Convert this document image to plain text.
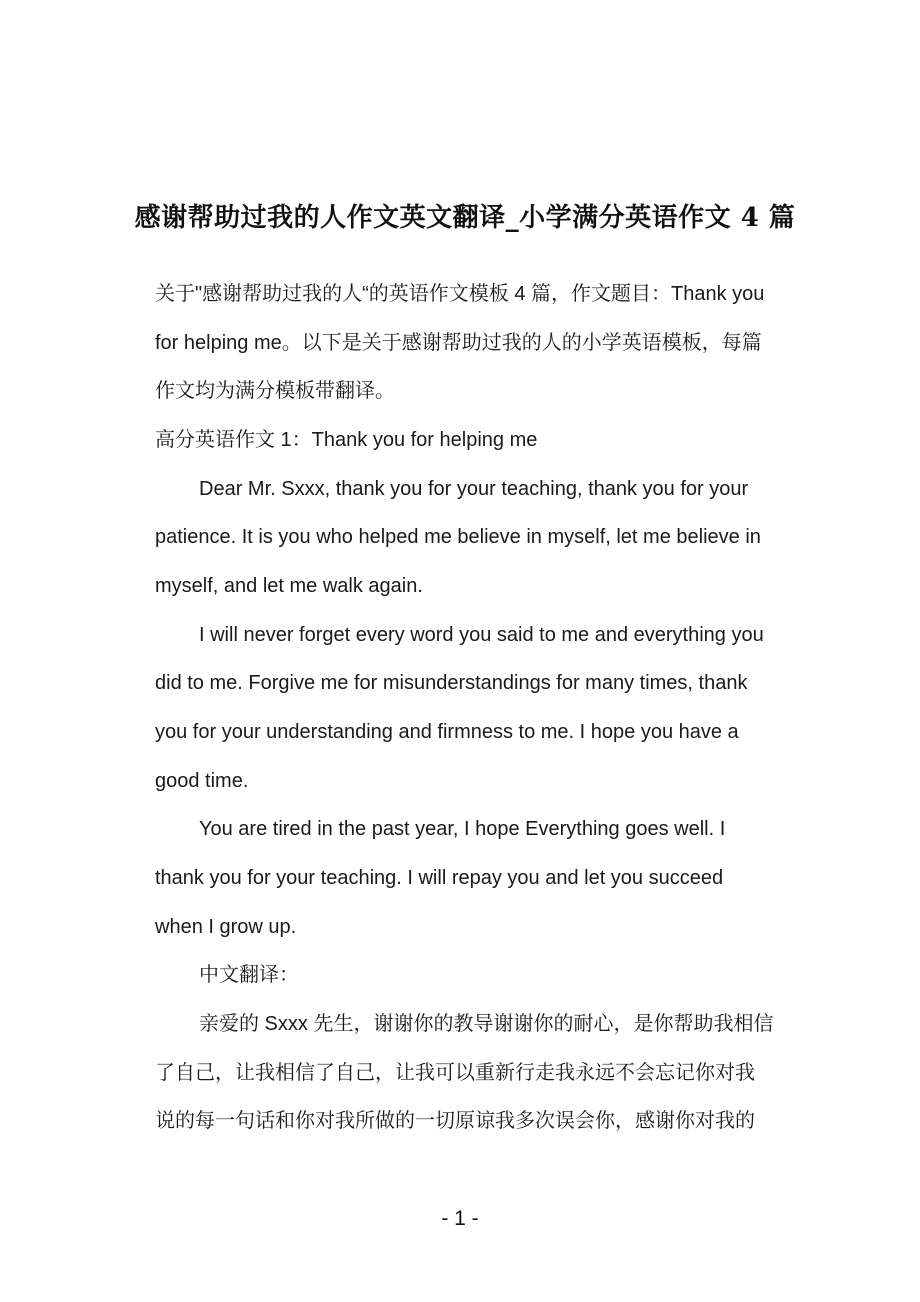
感谢帮助过我的人作文英文翻译_小学满分英语作文 4 篇
关于"感谢帮助过我的人“的英语作文模板 4 篇，作文题目：Thank you
for helping me。以下是关于感谢帮助过我的人的小学英语模板，每篇
作文均为满分模板带翻译。
高分英语作文 1：Thank you for helping me
Dear Mr. Sxxx, thank you for your teaching, thank you for your
patience. It is you who helped me believe in myself, let me believe in
myself, and let me walk again.
I will never forget every word you said to me and everything you
did to me. Forgive me for misunderstandings for many times, thank
you for your understanding and firmness to me. I hope you have a
good time.
You are tired in the past year, I hope Everything goes well. I
thank you for your teaching. I will repay you and let you succeed
when I grow up.
中文翻译：
亲爱的 Sxxx 先生，谢谢你的教导谢谢你的耐心，是你帮助我相信
了自己，让我相信了自己，让我可以重新行走我永远不会忘记你对我
说的每一句话和你对我所做的一切原谅我多次误会你，感谢你对我的
- 1 -
